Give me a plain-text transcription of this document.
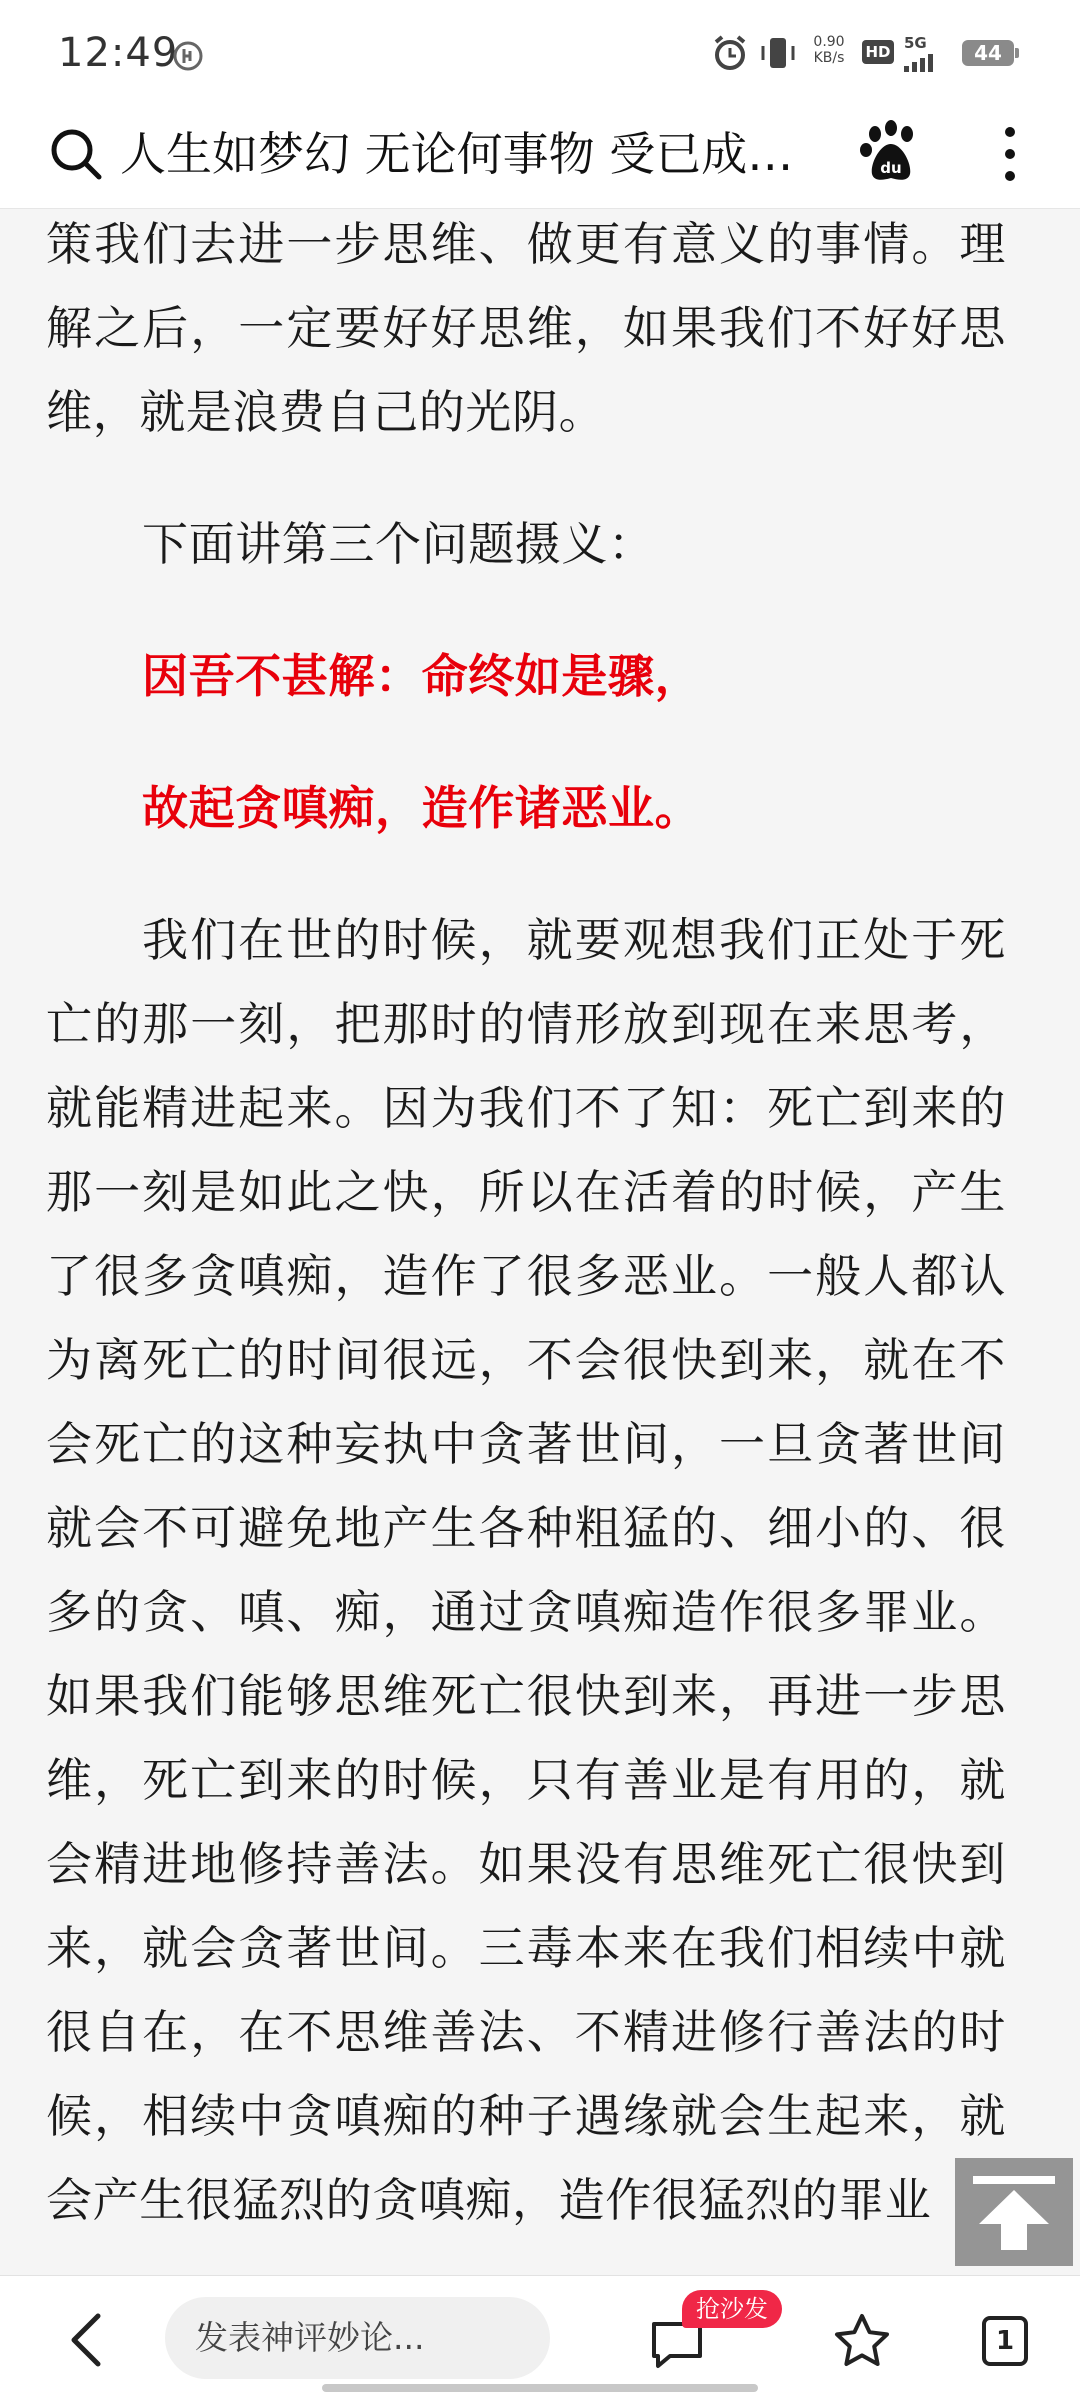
12:49	0.90
KB/s	HD 5G	44
人生如梦幻 无论何事物 受已成…	du

策我们去进一步思维、做更有意义的事情。理解之后，一定要好好思维，如果我们不好好思维，就是浪费自己的光阴。

下面讲第三个问题摄义：

因吾不甚解：命终如是骤，

故起贪嗔痴，造作诸恶业。

我们在世的时候，就要观想我们正处于死亡的那一刻，把那时的情形放到现在来思考，就能精进起来。因为我们不了知：死亡到来的那一刻是如此之快，所以在活着的时候，产生了很多贪嗔痴，造作了很多恶业。一般人都认为离死亡的时间很远，不会很快到来，就在不会死亡的这种妄执中贪著世间，一旦贪著世间就会不可避免地产生各种粗猛的、细小的、很多的贪、嗔、痴，通过贪嗔痴造作很多罪业。如果我们能够思维死亡很快到来，再进一步思维，死亡到来的时候，只有善业是有用的，就会精进地修持善法。如果没有思维死亡很快到来，就会贪著世间。三毒本来在我们相续中就很自在，在不思维善法、不精进修行善法的时候，相续中贪嗔痴的种子遇缘就会生起来，就会产生很猛烈的贪嗔痴，造作很猛烈的罪业

发表神评妙论...
抢沙发
1
